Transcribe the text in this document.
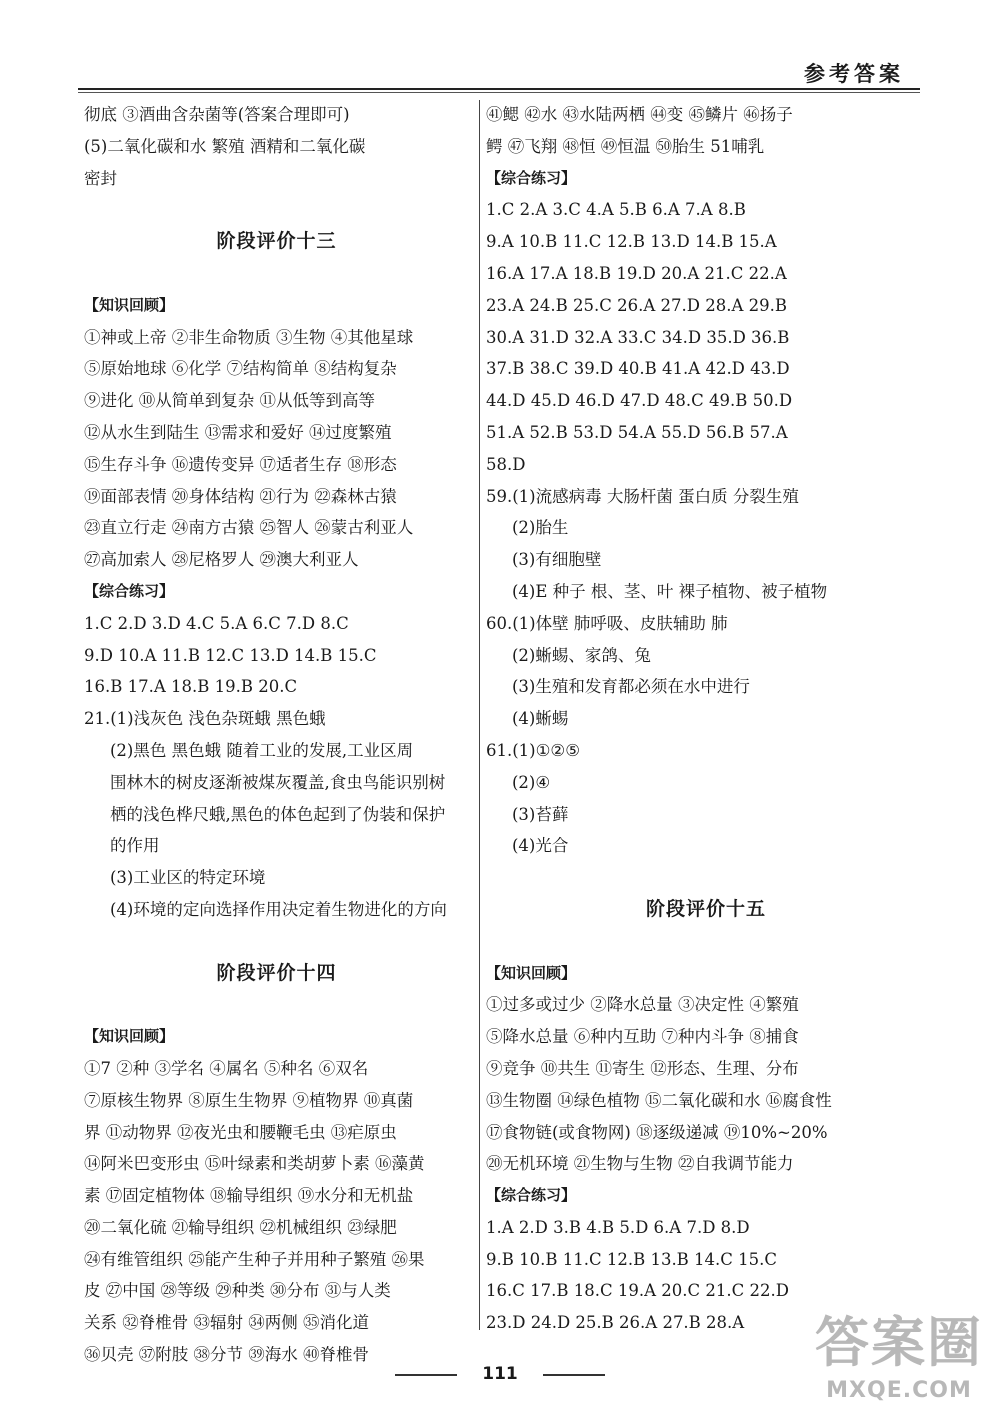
参考答案
彻底 ③酒曲含杂菌等(答案合理即可)
(5)二氧化碳和水 繁殖 酒精和二氧化碳
密封
阶段评价十三
【知识回顾】
①神或上帝 ②非生命物质 ③生物 ④其他星球
⑤原始地球 ⑥化学 ⑦结构简单 ⑧结构复杂
⑨进化 ⑩从简单到复杂 ⑪从低等到高等
⑫从水生到陆生 ⑬需求和爱好 ⑭过度繁殖
⑮生存斗争 ⑯遗传变异 ⑰适者生存 ⑱形态
⑲面部表情 ⑳身体结构 ㉑行为 ㉒森林古猿
㉓直立行走 ㉔南方古猿 ㉕智人 ㉖蒙古利亚人
㉗高加索人 ㉘尼格罗人 ㉙澳大利亚人
【综合练习】
1.C 2.D 3.D 4.C 5.A 6.C 7.D 8.C
9.D 10.A 11.B 12.C 13.D 14.B 15.C
16.B 17.A 18.B 19.B 20.C
21.(1)浅灰色 浅色杂斑蛾 黑色蛾
(2)黑色 黑色蛾 随着工业的发展,工业区周
围林木的树皮逐渐被煤灰覆盖,食虫鸟能识别树
栖的浅色桦尺蛾,黑色的体色起到了伪装和保护
的作用
(3)工业区的特定环境
(4)环境的定向选择作用决定着生物进化的方向
阶段评价十四
【知识回顾】
①7 ②种 ③学名 ④属名 ⑤种名 ⑥双名
⑦原核生物界 ⑧原生生物界 ⑨植物界 ⑩真菌
界 ⑪动物界 ⑫夜光虫和腰鞭毛虫 ⑬疟原虫
⑭阿米巴变形虫 ⑮叶绿素和类胡萝卜素 ⑯藻黄
素 ⑰固定植物体 ⑱输导组织 ⑲水分和无机盐
⑳二氧化硫 ㉑输导组织 ㉒机械组织 ㉓绿肥
㉔有维管组织 ㉕能产生种子并用种子繁殖 ㉖果
皮 ㉗中国 ㉘等级 ㉙种类 ㉚分布 ㉛与人类
关系 ㉜脊椎骨 ㉝辐射 ㉞两侧 ㉟消化道
㊱贝壳 ㊲附肢 ㊳分节 ㊴海水 ㊵脊椎骨
㊶鳃 ㊷水 ㊸水陆两栖 ㊹变 ㊺鳞片 ㊻扬子
鳄 ㊼飞翔 ㊽恒 ㊾恒温 ㊿胎生 51哺乳
【综合练习】
1.C 2.A 3.C 4.A 5.B 6.A 7.A 8.B
9.A 10.B 11.C 12.B 13.D 14.B 15.A
16.A 17.A 18.B 19.D 20.A 21.C 22.A
23.A 24.B 25.C 26.A 27.D 28.A 29.B
30.A 31.D 32.A 33.C 34.D 35.D 36.B
37.B 38.C 39.D 40.B 41.A 42.D 43.D
44.D 45.D 46.D 47.D 48.C 49.B 50.D
51.A 52.B 53.D 54.A 55.D 56.B 57.A
58.D
59.(1)流感病毒 大肠杆菌 蛋白质 分裂生殖
(2)胎生
(3)有细胞壁
(4)E 种子 根、茎、叶 裸子植物、被子植物
60.(1)体壁 肺呼吸、皮肤辅助 肺
(2)蜥蜴、家鸽、兔
(3)生殖和发育都必须在水中进行
(4)蜥蜴
61.(1)①②⑤
(2)④
(3)苔藓
(4)光合
阶段评价十五
【知识回顾】
①过多或过少 ②降水总量 ③决定性 ④繁殖
⑤降水总量 ⑥种内互助 ⑦种内斗争 ⑧捕食
⑨竞争 ⑩共生 ⑪寄生 ⑫形态、生理、分布
⑬生物圈 ⑭绿色植物 ⑮二氧化碳和水 ⑯腐食性
⑰食物链(或食物网) ⑱逐级递减 ⑲10%~20%
⑳无机环境 ㉑生物与生物 ㉒自我调节能力
【综合练习】
1.A 2.D 3.B 4.B 5.D 6.A 7.D 8.D
9.B 10.B 11.C 12.B 13.B 14.C 15.C
16.C 17.B 18.C 19.A 20.C 21.C 22.D
23.D 24.D 25.B 26.A 27.B 28.A
111	答案圈
MXQE.COM
